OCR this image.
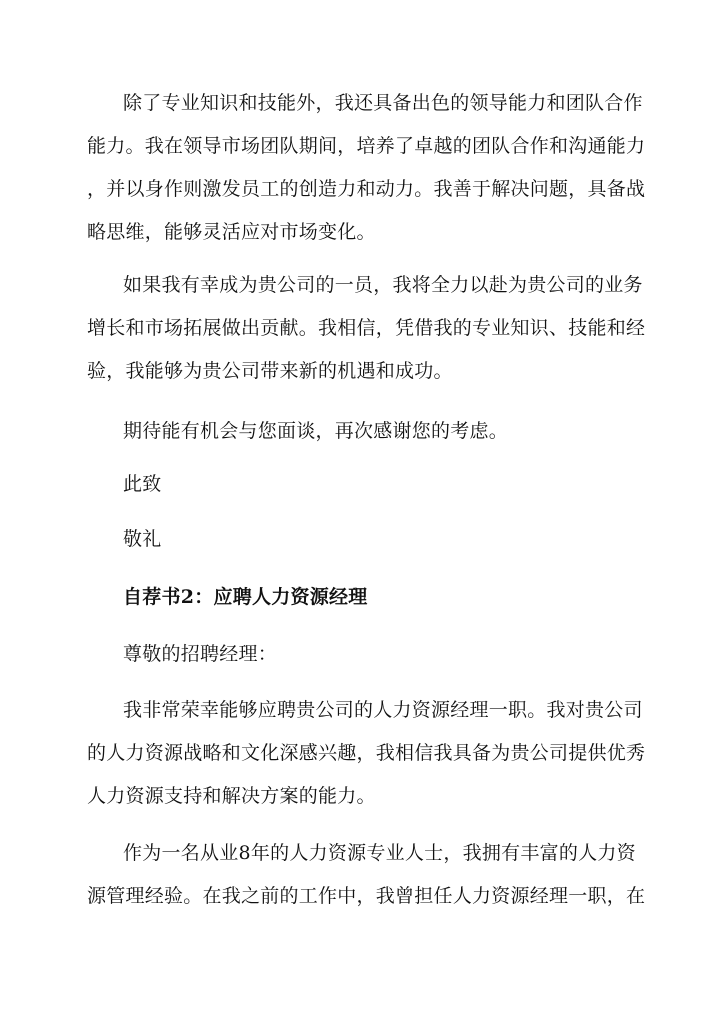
除了专业知识和技能外，我还具备出色的领导能力和团队合作
能力。我在领导市场团队期间，培养了卓越的团队合作和沟通能力
，并以身作则激发员工的创造力和动力。我善于解决问题，具备战
略思维，能够灵活应对市场变化。
如果我有幸成为贵公司的一员，我将全力以赴为贵公司的业务
增长和市场拓展做出贡献。我相信，凭借我的专业知识、技能和经
验，我能够为贵公司带来新的机遇和成功。
期待能有机会与您面谈，再次感谢您的考虑。
此致
敬礼
自荐书2：应聘人力资源经理
尊敬的招聘经理：
我非常荣幸能够应聘贵公司的人力资源经理一职。我对贵公司
的人力资源战略和文化深感兴趣，我相信我具备为贵公司提供优秀
人力资源支持和解决方案的能力。
作为一名从业8年的人力资源专业人士，我拥有丰富的人力资
源管理经验。在我之前的工作中，我曾担任人力资源经理一职，在
